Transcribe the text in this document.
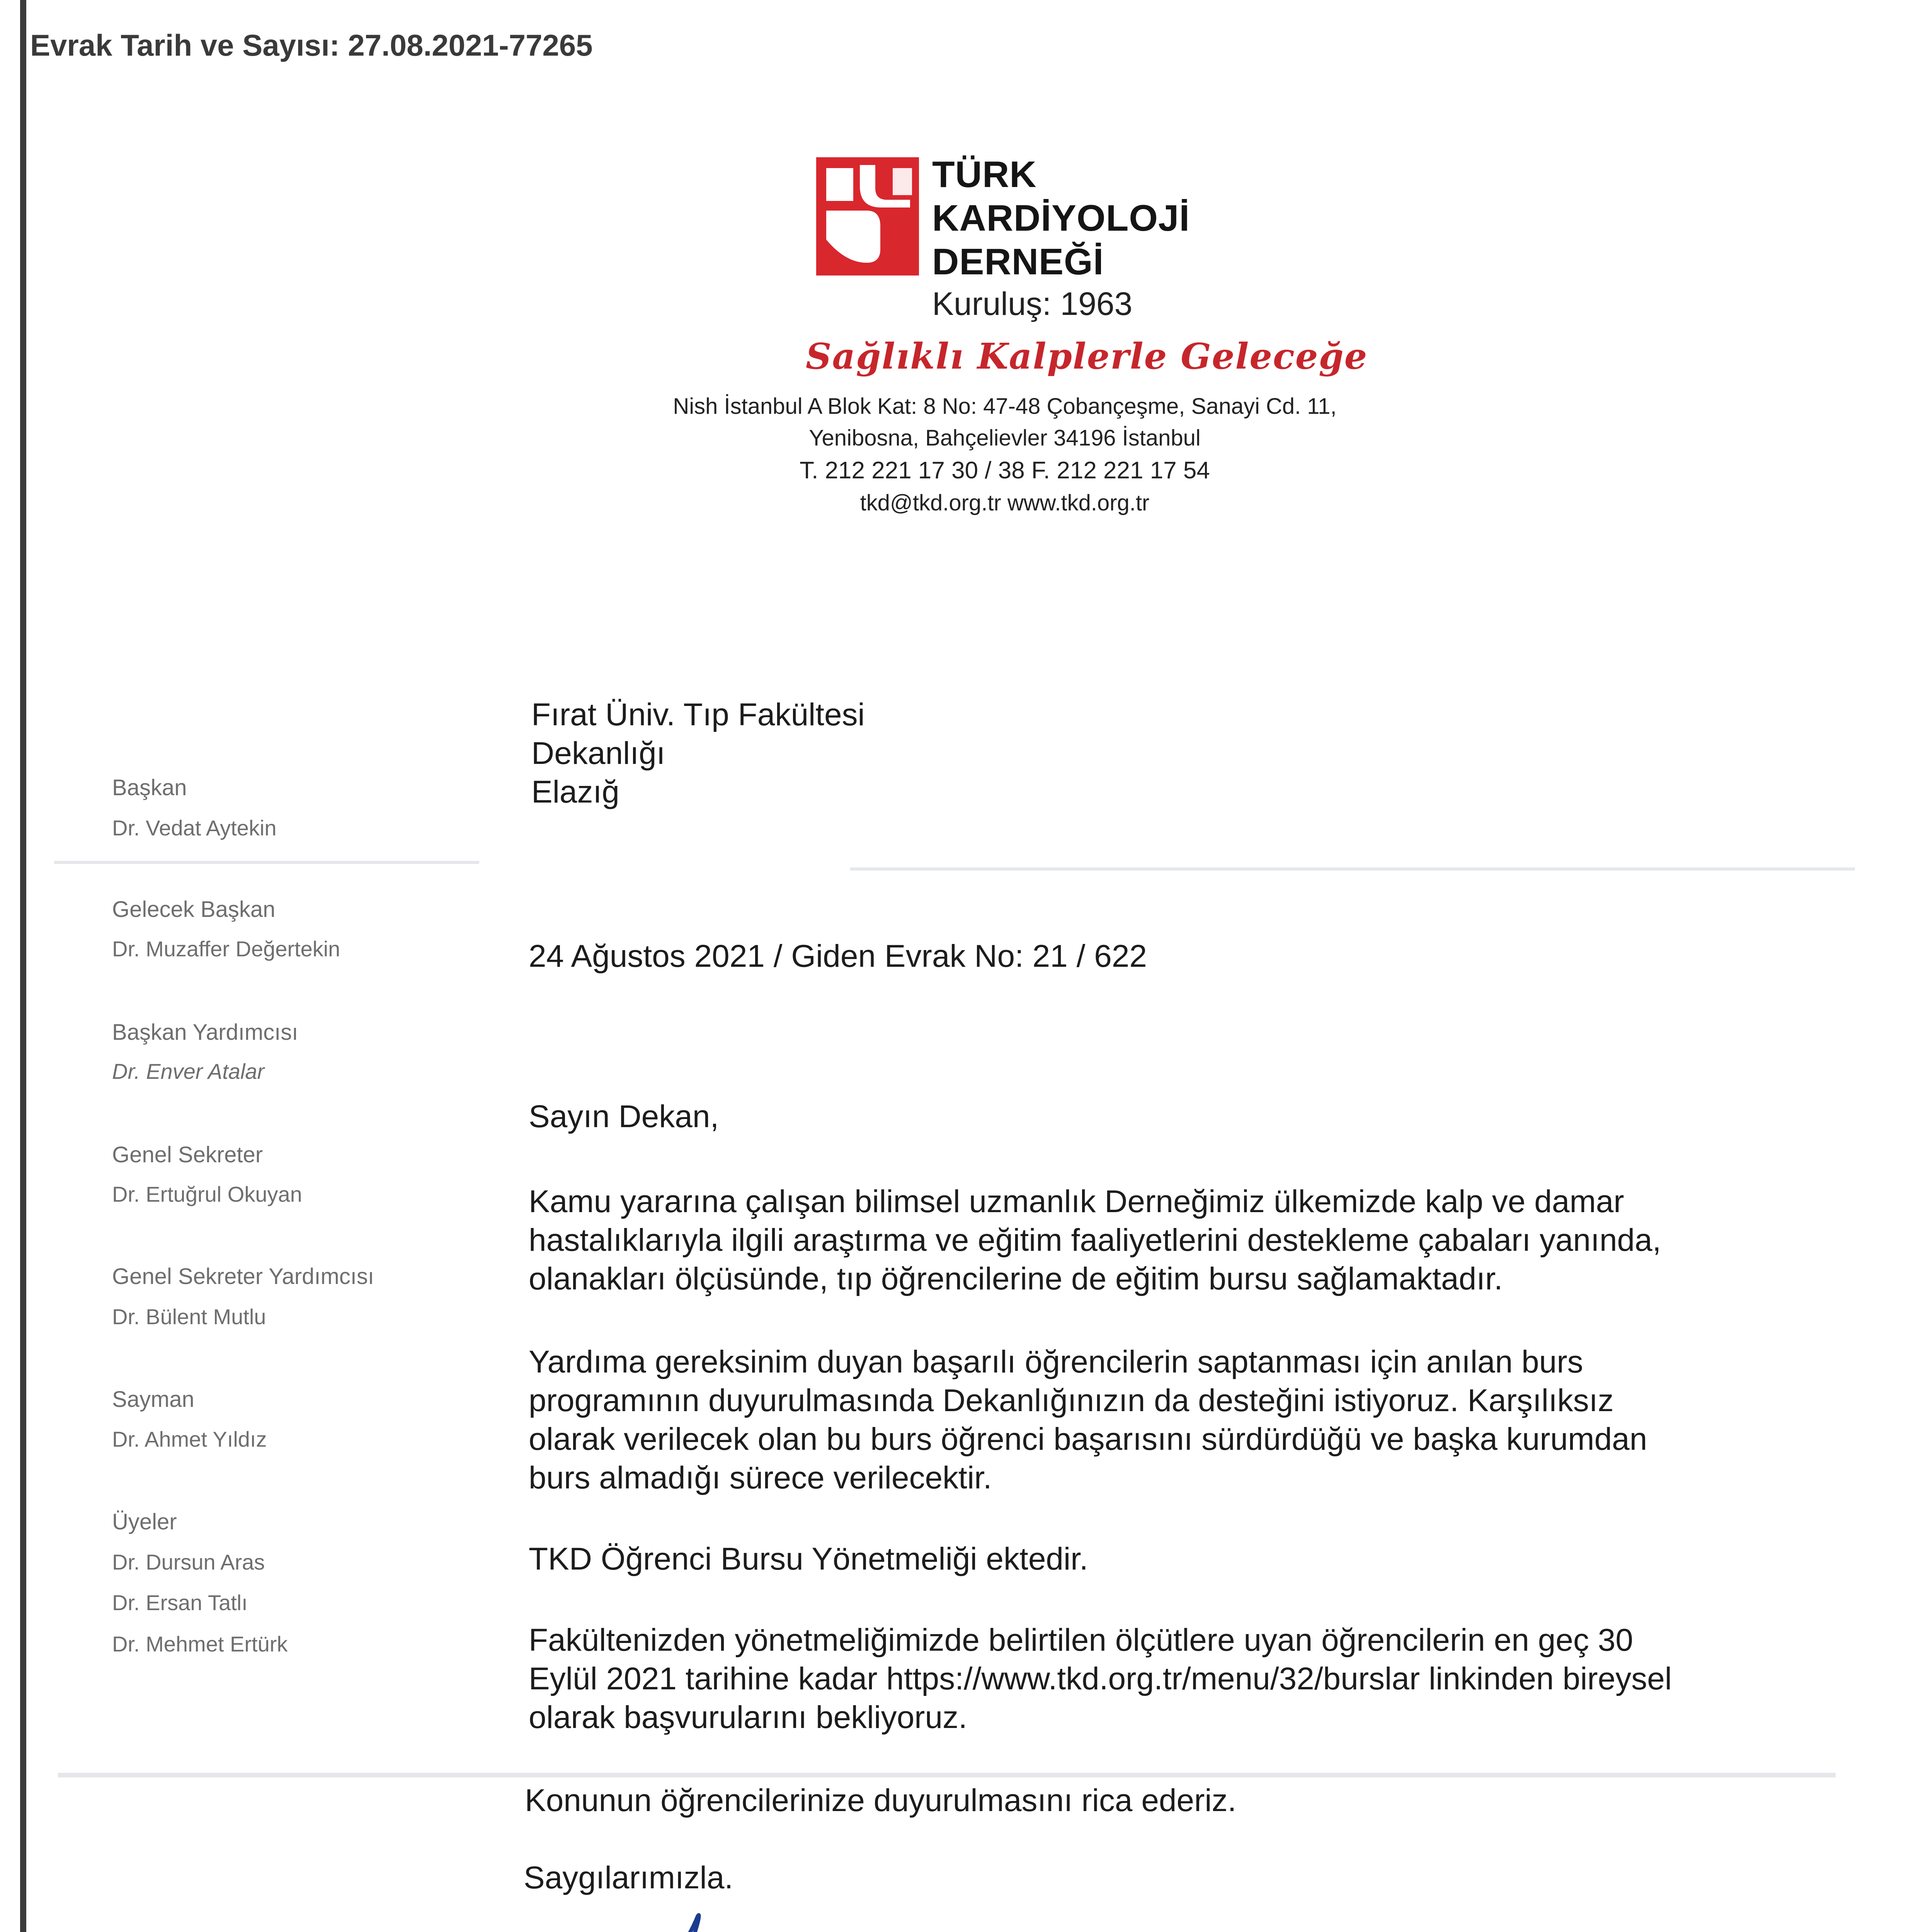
Evrak Tarih ve Sayısı: 27.08.2021-77265
TÜRK
KARDİYOLOJİ
DERNEĞİ
Kuruluş: 1963
Sağlıklı Kalplerle Geleceğe
Nish İstanbul A Blok Kat: 8 No: 47-48 Çobançeşme, Sanayi Cd. 11,
Yenibosna, Bahçelievler 34196 İstanbul
T. 212 221 17 30 / 38 F. 212 221 17 54
tkd@tkd.org.tr www.tkd.org.tr
Başkan
Dr. Vedat Aytekin
Gelecek Başkan
Dr. Muzaffer Değertekin
Başkan Yardımcısı
Dr. Enver Atalar
Genel Sekreter
Dr. Ertuğrul Okuyan
Genel Sekreter Yardımcısı
Dr. Bülent Mutlu
Sayman
Dr. Ahmet Yıldız
Üyeler
Dr. Dursun Aras
Dr. Ersan Tatlı
Dr. Mehmet Ertürk
Fırat Üniv. Tıp Fakültesi
Dekanlığı
Elazığ
24 Ağustos 2021 / Giden Evrak No: 21 / 622
Sayın Dekan,
Kamu yararına çalışan bilimsel uzmanlık Derneğimiz ülkemizde kalp ve damar
hastalıklarıyla ilgili araştırma ve eğitim faaliyetlerini destekleme çabaları yanında,
olanakları ölçüsünde, tıp öğrencilerine de eğitim bursu sağlamaktadır.
Yardıma gereksinim duyan başarılı öğrencilerin saptanması için anılan burs
programının duyurulmasında Dekanlığınızın da desteğini istiyoruz. Karşılıksız
olarak verilecek olan bu burs öğrenci başarısını sürdürdüğü ve başka kurumdan
burs almadığı sürece verilecektir.
TKD Öğrenci Bursu Yönetmeliği ektedir.
Fakültenizden yönetmeliğimizde belirtilen ölçütlere uyan öğrencilerin en geç 30
Eylül 2021 tarihine kadar https://www.tkd.org.tr/menu/32/burslar linkinden bireysel
olarak başvurularını bekliyoruz.
Konunun öğrencilerinize duyurulmasını rica ederiz.
Saygılarımızla.
